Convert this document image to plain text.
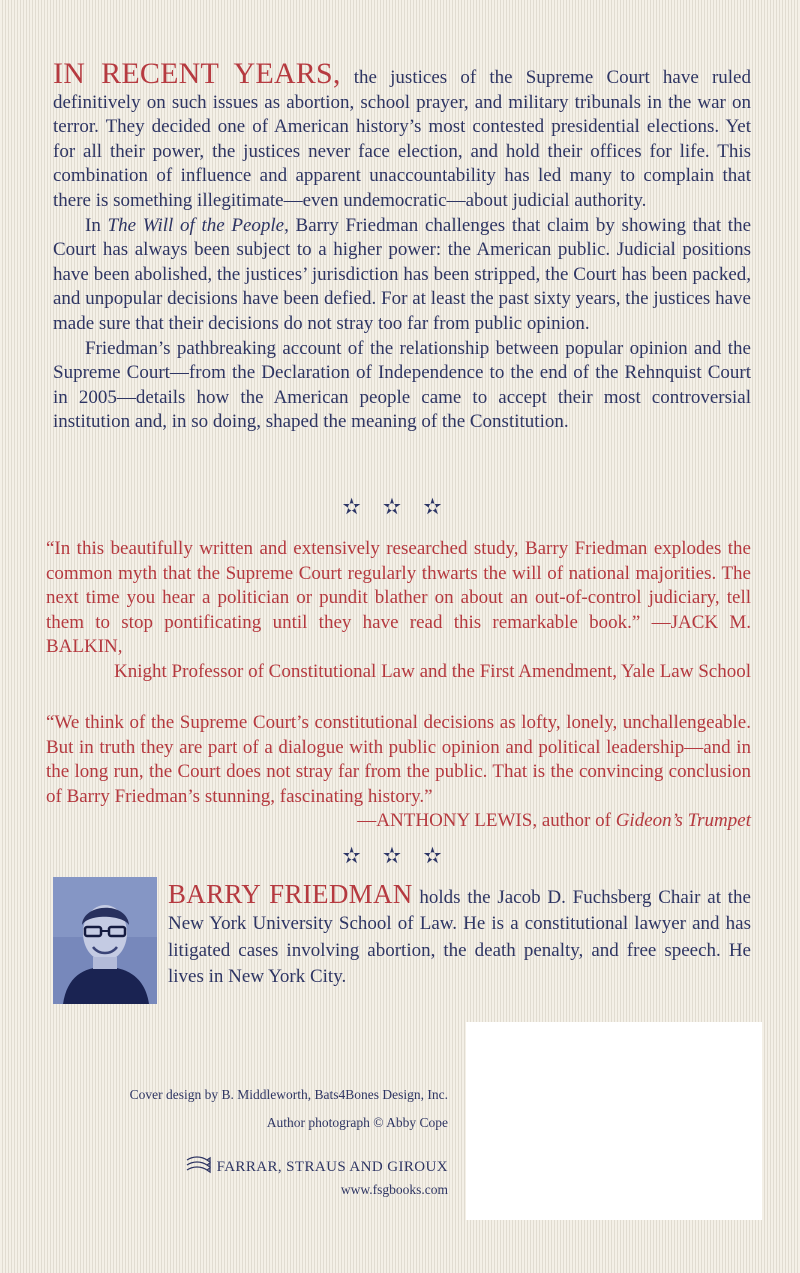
IN RECENT YEARS, the justices of the Supreme Court have ruled definitively on such issues as abortion, school prayer, and military tribunals in the war on terror. They decided one of American history’s most contested presidential elections. Yet for all their power, the justices never face election, and hold their offices for life. This combination of influence and apparent unaccountability has led many to complain that there is something illegitimate—even undemocratic—about judicial authority.

In The Will of the People, Barry Friedman challenges that claim by showing that the Court has always been subject to a higher power: the American public. Judicial positions have been abolished, the justices’ jurisdiction has been stripped, the Court has been packed, and unpopular decisions have been defied. For at least the past sixty years, the justices have made sure that their decisions do not stray too far from public opinion.

Friedman’s pathbreaking account of the relationship between popular opinion and the Supreme Court—from the Declaration of Independence to the end of the Rehnquist Court in 2005—details how the American people came to accept their most controversial institution and, in so doing, shaped the meaning of the Constitution.

✫ ✫ ✫
“In this beautifully written and extensively researched study, Barry Friedman explodes the common myth that the Supreme Court regularly thwarts the will of national majorities. The next time you hear a politician or pundit blather on about an out-of-control judiciary, tell them to stop pontificating until they have read this remarkable book.” —JACK M. BALKIN,
Knight Professor of Constitutional Law and the First Amendment, Yale Law School
“We think of the Supreme Court’s constitutional decisions as lofty, lonely, unchallengeable. But in truth they are part of a dialogue with public opinion and political leadership—and in the long run, the Court does not stray far from the public. That is the convincing conclusion of Barry Friedman’s stunning, fascinating history.”
—ANTHONY LEWIS, author of Gideon’s Trumpet
✫ ✫ ✫
BARRY FRIEDMAN holds the Jacob D. Fuchsberg Chair at the New York University School of Law. He is a constitutional lawyer and has litigated cases involving abortion, the death penalty, and free speech. He lives in New York City.
Cover design by B. Middleworth, Bats4Bones Design, Inc.
Author photograph © Abby Cope
FARRAR, STRAUS AND GIROUX
www.fsgbooks.com
